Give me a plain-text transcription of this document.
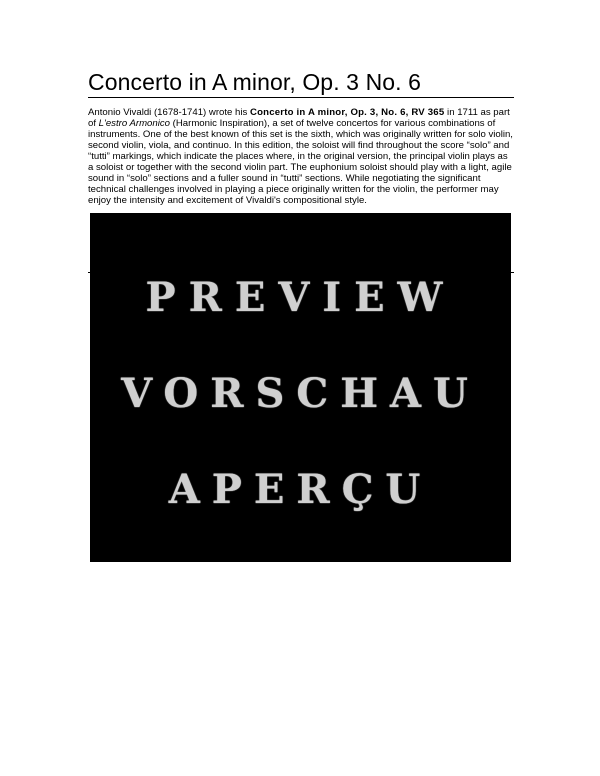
Concerto in A minor, Op. 3 No. 6

Antonio Vivaldi (1678-1741) wrote his Concerto in A minor, Op. 3, No. 6, RV 365 in 1711 as part of L'estro Armonico (Harmonic Inspiration), a set of twelve concertos for various combinations of instruments. One of the best known of this set is the sixth, which was originally written for solo violin, second violin, viola, and continuo. In this edition, the soloist will find throughout the score “solo” and “tutti” markings, which indicate the places where, in the original version, the principal violin plays as a soloist or together with the second violin part. The euphonium soloist should play with a light, agile sound in “solo” sections and a fuller sound in “tutti” sections. While negotiating the significant technical challenges involved in playing a piece originally written for the violin, the performer may enjoy the intensity and excitement of Vivaldi's compositional style.

PREVIEW
VORSCHAU
APERÇU
